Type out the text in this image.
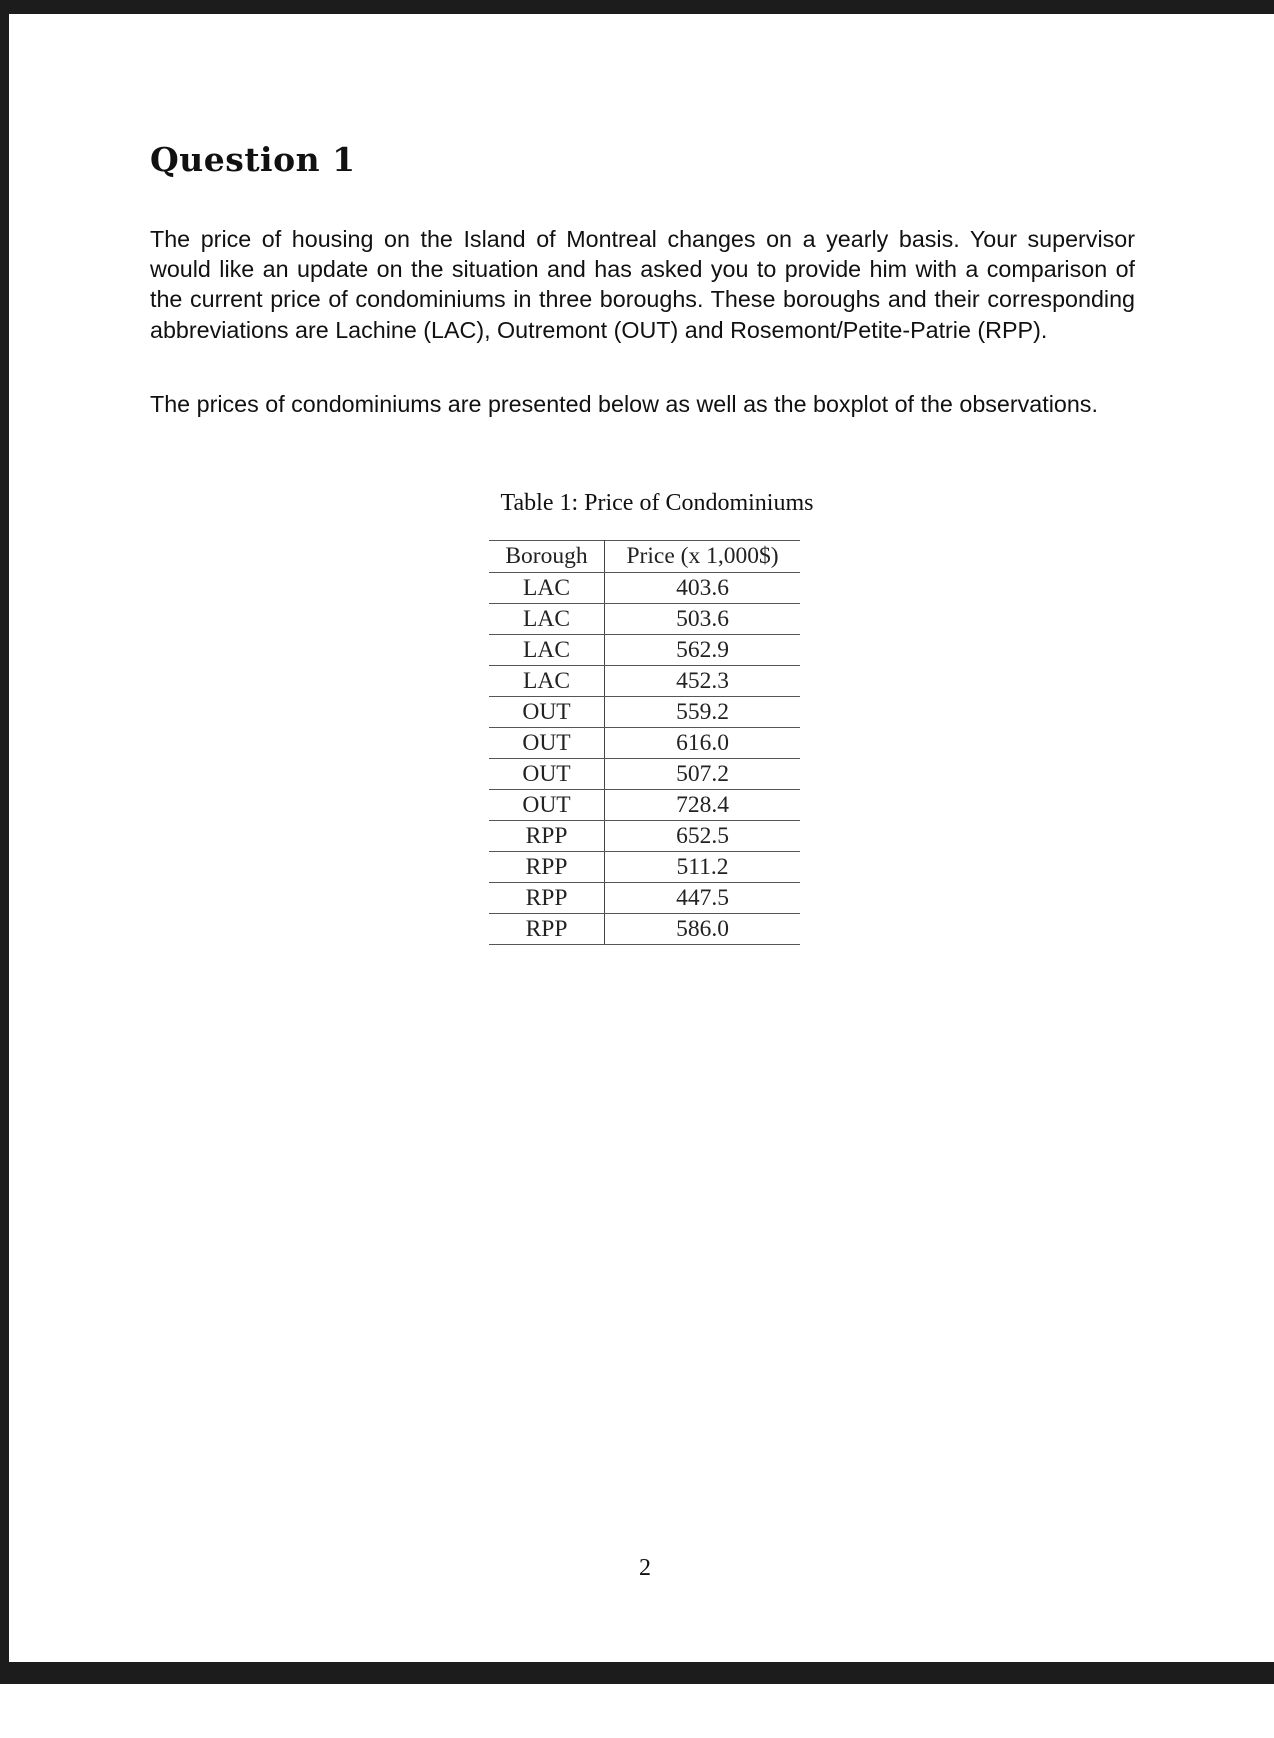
Question 1

The price of housing on the Island of Montreal changes on a yearly basis. Your supervisor would like an update on the situation and has asked you to provide him with a comparison of the current price of condominiums in three boroughs. These boroughs and their corresponding abbreviations are Lachine (LAC), Outremont (OUT) and Rosemont/Petite-Patrie (RPP).

The prices of condominiums are presented below as well as the boxplot of the observations.

Table 1: Price of Condominiums
Borough	Price (x 1,000$)
LAC	403.6
LAC	503.6
LAC	562.9
LAC	452.3
OUT	559.2
OUT	616.0
OUT	507.2
OUT	728.4
RPP	652.5
RPP	511.2
RPP	447.5
RPP	586.0
2
